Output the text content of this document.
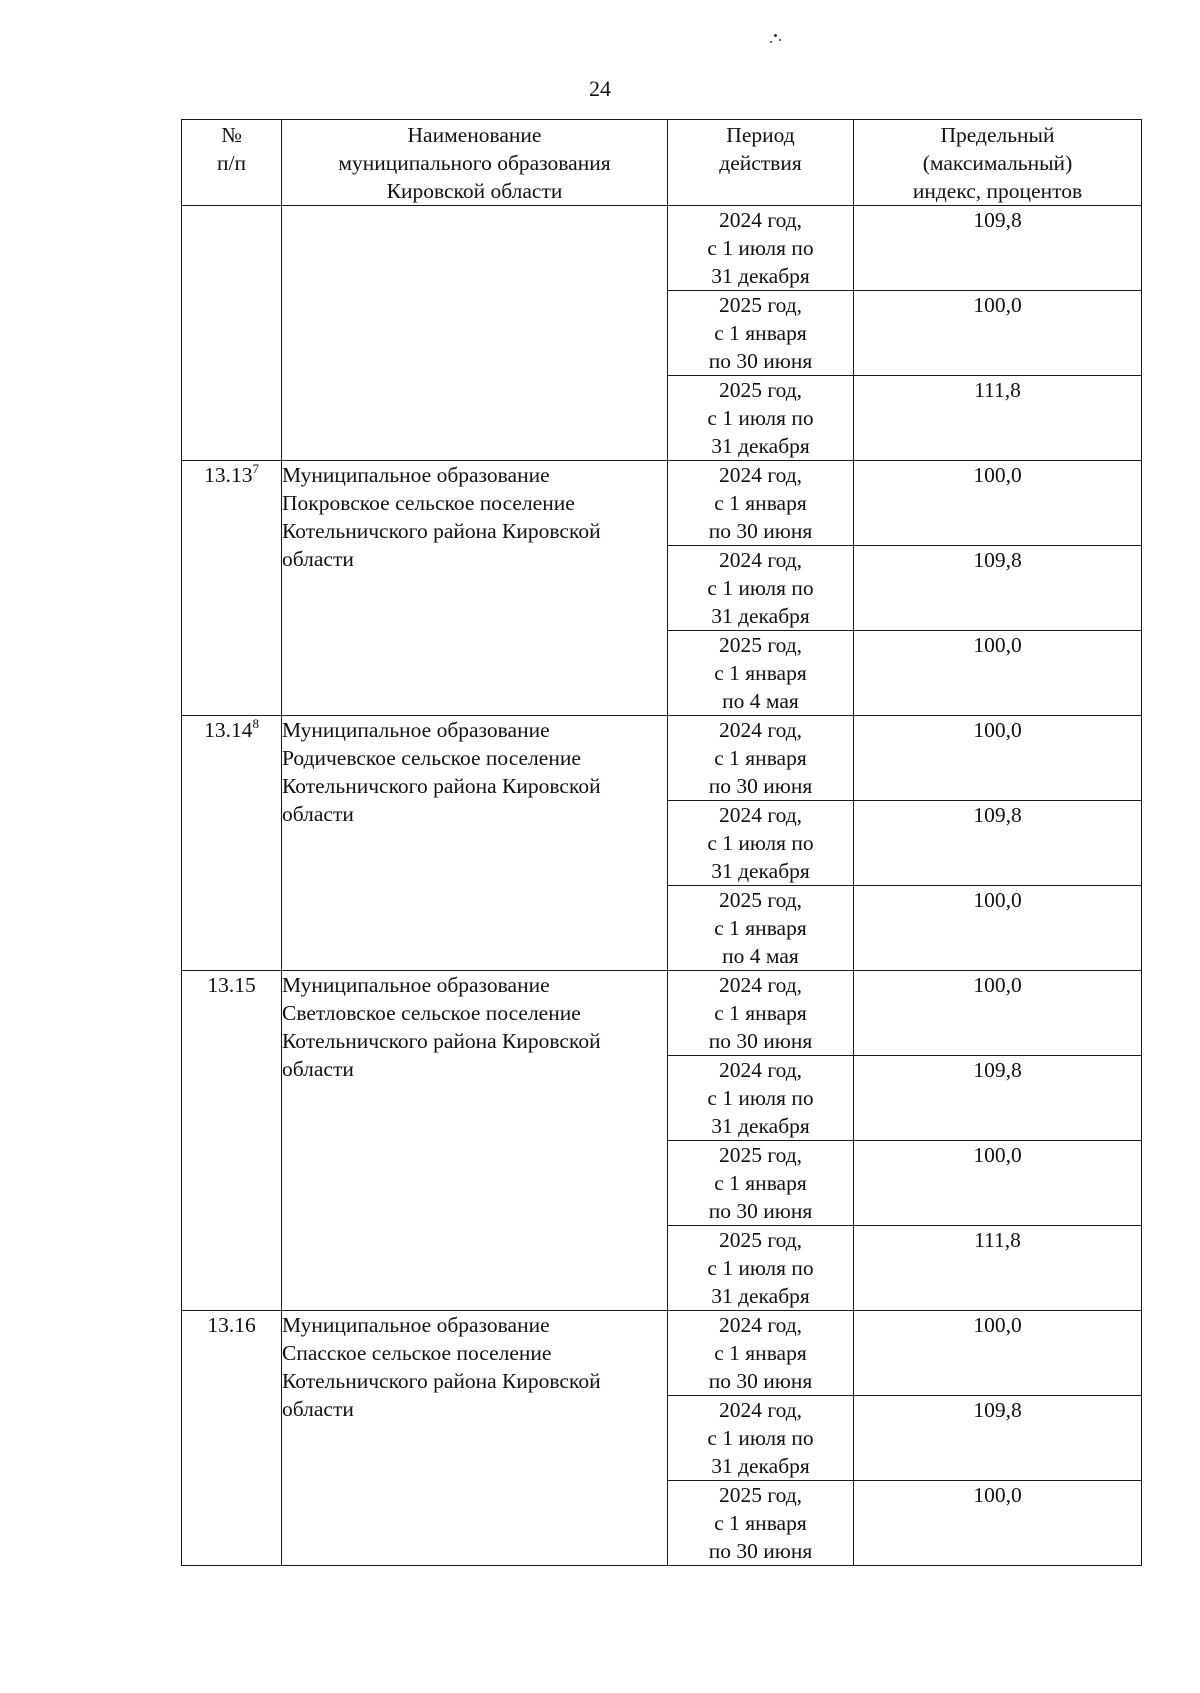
24
№
п/п	Наименование
муниципального образования
Кировской области	Период
действия	Предельный
(максимальный)
индекс, процентов
		2024 год,
с 1 июля по
31 декабря	109,8
		2025 год,
с 1 января
по 30 июня	100,0
		2025 год,
с 1 июля по
31 декабря	111,8
13.13$^7$	Муниципальное образование
Покровское сельское поселение
Котельничского района Кировской
области	2024 год,
с 1 января
по 30 июня	100,0
		2024 год,
с 1 июля по
31 декабря	109,8
		2025 год,
с 1 января
по 4 мая	100,0
13.14$^8$	Муниципальное образование
Родичевское сельское поселение
Котельничского района Кировской
области	2024 год,
с 1 января
по 30 июня	100,0
		2024 год,
с 1 июля по
31 декабря	109,8
		2025 год,
с 1 января
по 4 мая	100,0
13.15	Муниципальное образование
Светловское сельское поселение
Котельничского района Кировской
области	2024 год,
с 1 января
по 30 июня	100,0
		2024 год,
с 1 июля по
31 декабря	109,8
		2025 год,
с 1 января
по 30 июня	100,0
		2025 год,
с 1 июля по
31 декабря	111,8
13.16	Муниципальное образование
Спасское сельское поселение
Котельничского района Кировской
области	2024 год,
с 1 января
по 30 июня	100,0
		2024 год,
с 1 июля по
31 декабря	109,8
		2025 год,
с 1 января
по 30 июня	100,0
